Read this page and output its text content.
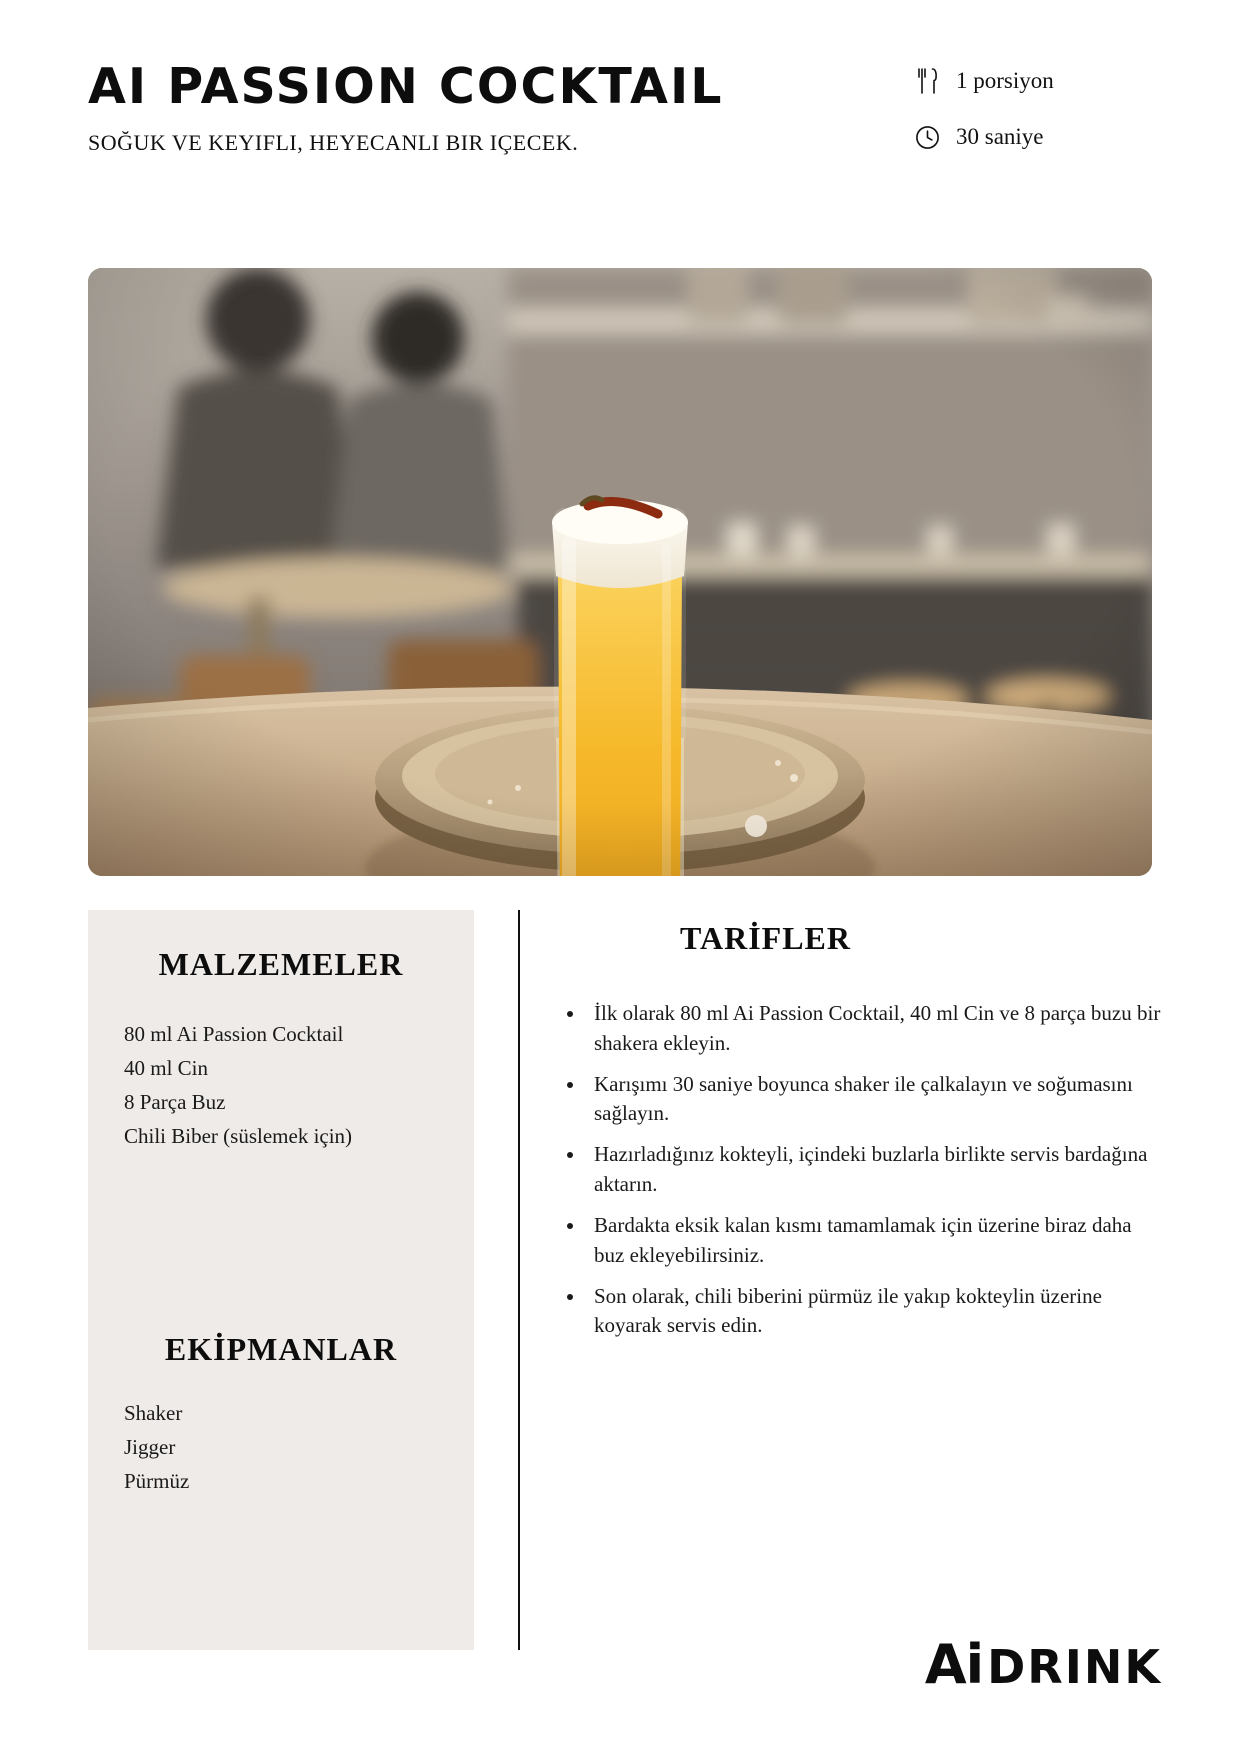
AI PASSION COCKTAIL
SOĞUK VE KEYIFLI, HEYECANLI BIR IÇECEK.
1 porsiyon
30 saniye
MALZEMELER
80 ml Ai Passion Cocktail
40 ml Cin
8 Parça Buz
Chili Biber (süslemek için)
EKİPMANLAR
Shaker
Jigger
Pürmüz
TARİFLER
• İlk olarak 80 ml Ai Passion Cocktail, 40 ml Cin ve 8 parça buzu bir shakera ekleyin.
• Karışımı 30 saniye boyunca shaker ile çalkalayın ve soğumasını sağlayın.
• Hazırladığınız kokteyli, içindeki buzlarla birlikte servis bardağına aktarın.
• Bardakta eksik kalan kısmı tamamlamak için üzerine biraz daha buz ekleyebilirsiniz.
• Son olarak, chili biberini pürmüz ile yakıp kokteylin üzerine koyarak servis edin.
Ai DRINK
